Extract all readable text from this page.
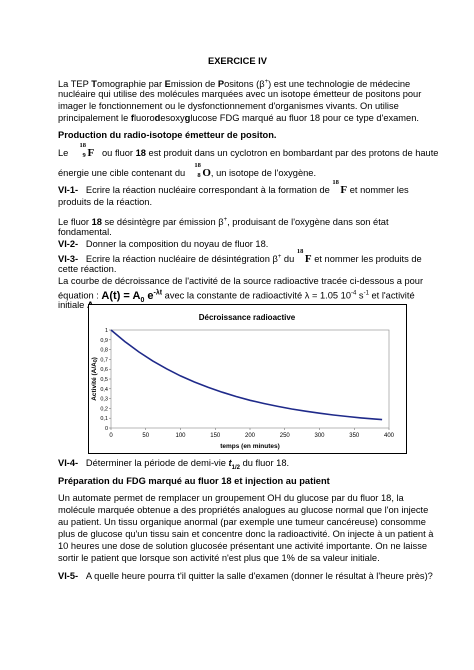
EXERCICE IV
La TEP Tomographie par Emission de Positons (β+) est une technologie de médecine
nucléaire qui utilise des molécules marquées avec un isotope émetteur de positons pour
imager le fonctionnement ou le dysfonctionnement d'organismes vivants. On utilise
principalement le fluorodesoxyglucose FDG marqué au fluor 18 pour ce type d'examen.
Production du radio-isotope émetteur de positon.
Le
18
9 F ou fluor 18 est produit dans un cyclotron en bombardant par des protons de haute
énergie une cible contenant du
18
8 O, un isotope de l'oxygène.
VI-1- Ecrire la réaction nucléaire correspondant à la formation de
18
F et nommer les
produits de la réaction.
Le fluor 18 se désintègre par émission β+, produisant de l'oxygène dans son état
fondamental.
VI-2- Donner la composition du noyau de fluor 18.
VI-3- Ecrire la réaction nucléaire de désintégration β+ du
18
F et nommer les produits de
cette réaction.
La courbe de décroissance de l'activité de la source radioactive tracée ci-dessous a pour
équation : $A(t) = A_0$ $e^{-\lambda t}$ avec la constante de radioactivité λ = 1.05 $10^{-4}$ $s^{-1}$ et l'activité
initiale
Décroissance radioactive
0
0,1
0,2
0,3
0,4
0,5
0,6
0,7
0,8
0,9
1
0	50	100	150	200	250	300	350	400
temps (en minutes)
Activité (A/A0)
VI-4- Déterminer la période de demi-vie $t_{1/2}$ du fluor 18.
Préparation du FDG marqué au fluor 18 et injection au patient
Un automate permet de remplacer un groupement OH du glucose par du fluor 18, la
molécule marquée obtenue a des propriétés analogues au glucose normal que l'on injecte
au patient. Un tissu organique anormal (par exemple une tumeur cancéreuse) consomme
plus de glucose qu'un tissu sain et concentre donc la radioactivité. On injecte à un patient à
10 heures une dose de solution glucosée présentant une activité importante. On ne laisse
sortir le patient que lorsque son activité n'est plus que 1% de sa valeur initiale.
VI-5- A quelle heure pourra t'il quitter la salle d'examen (donner le résultat à l'heure près)?
